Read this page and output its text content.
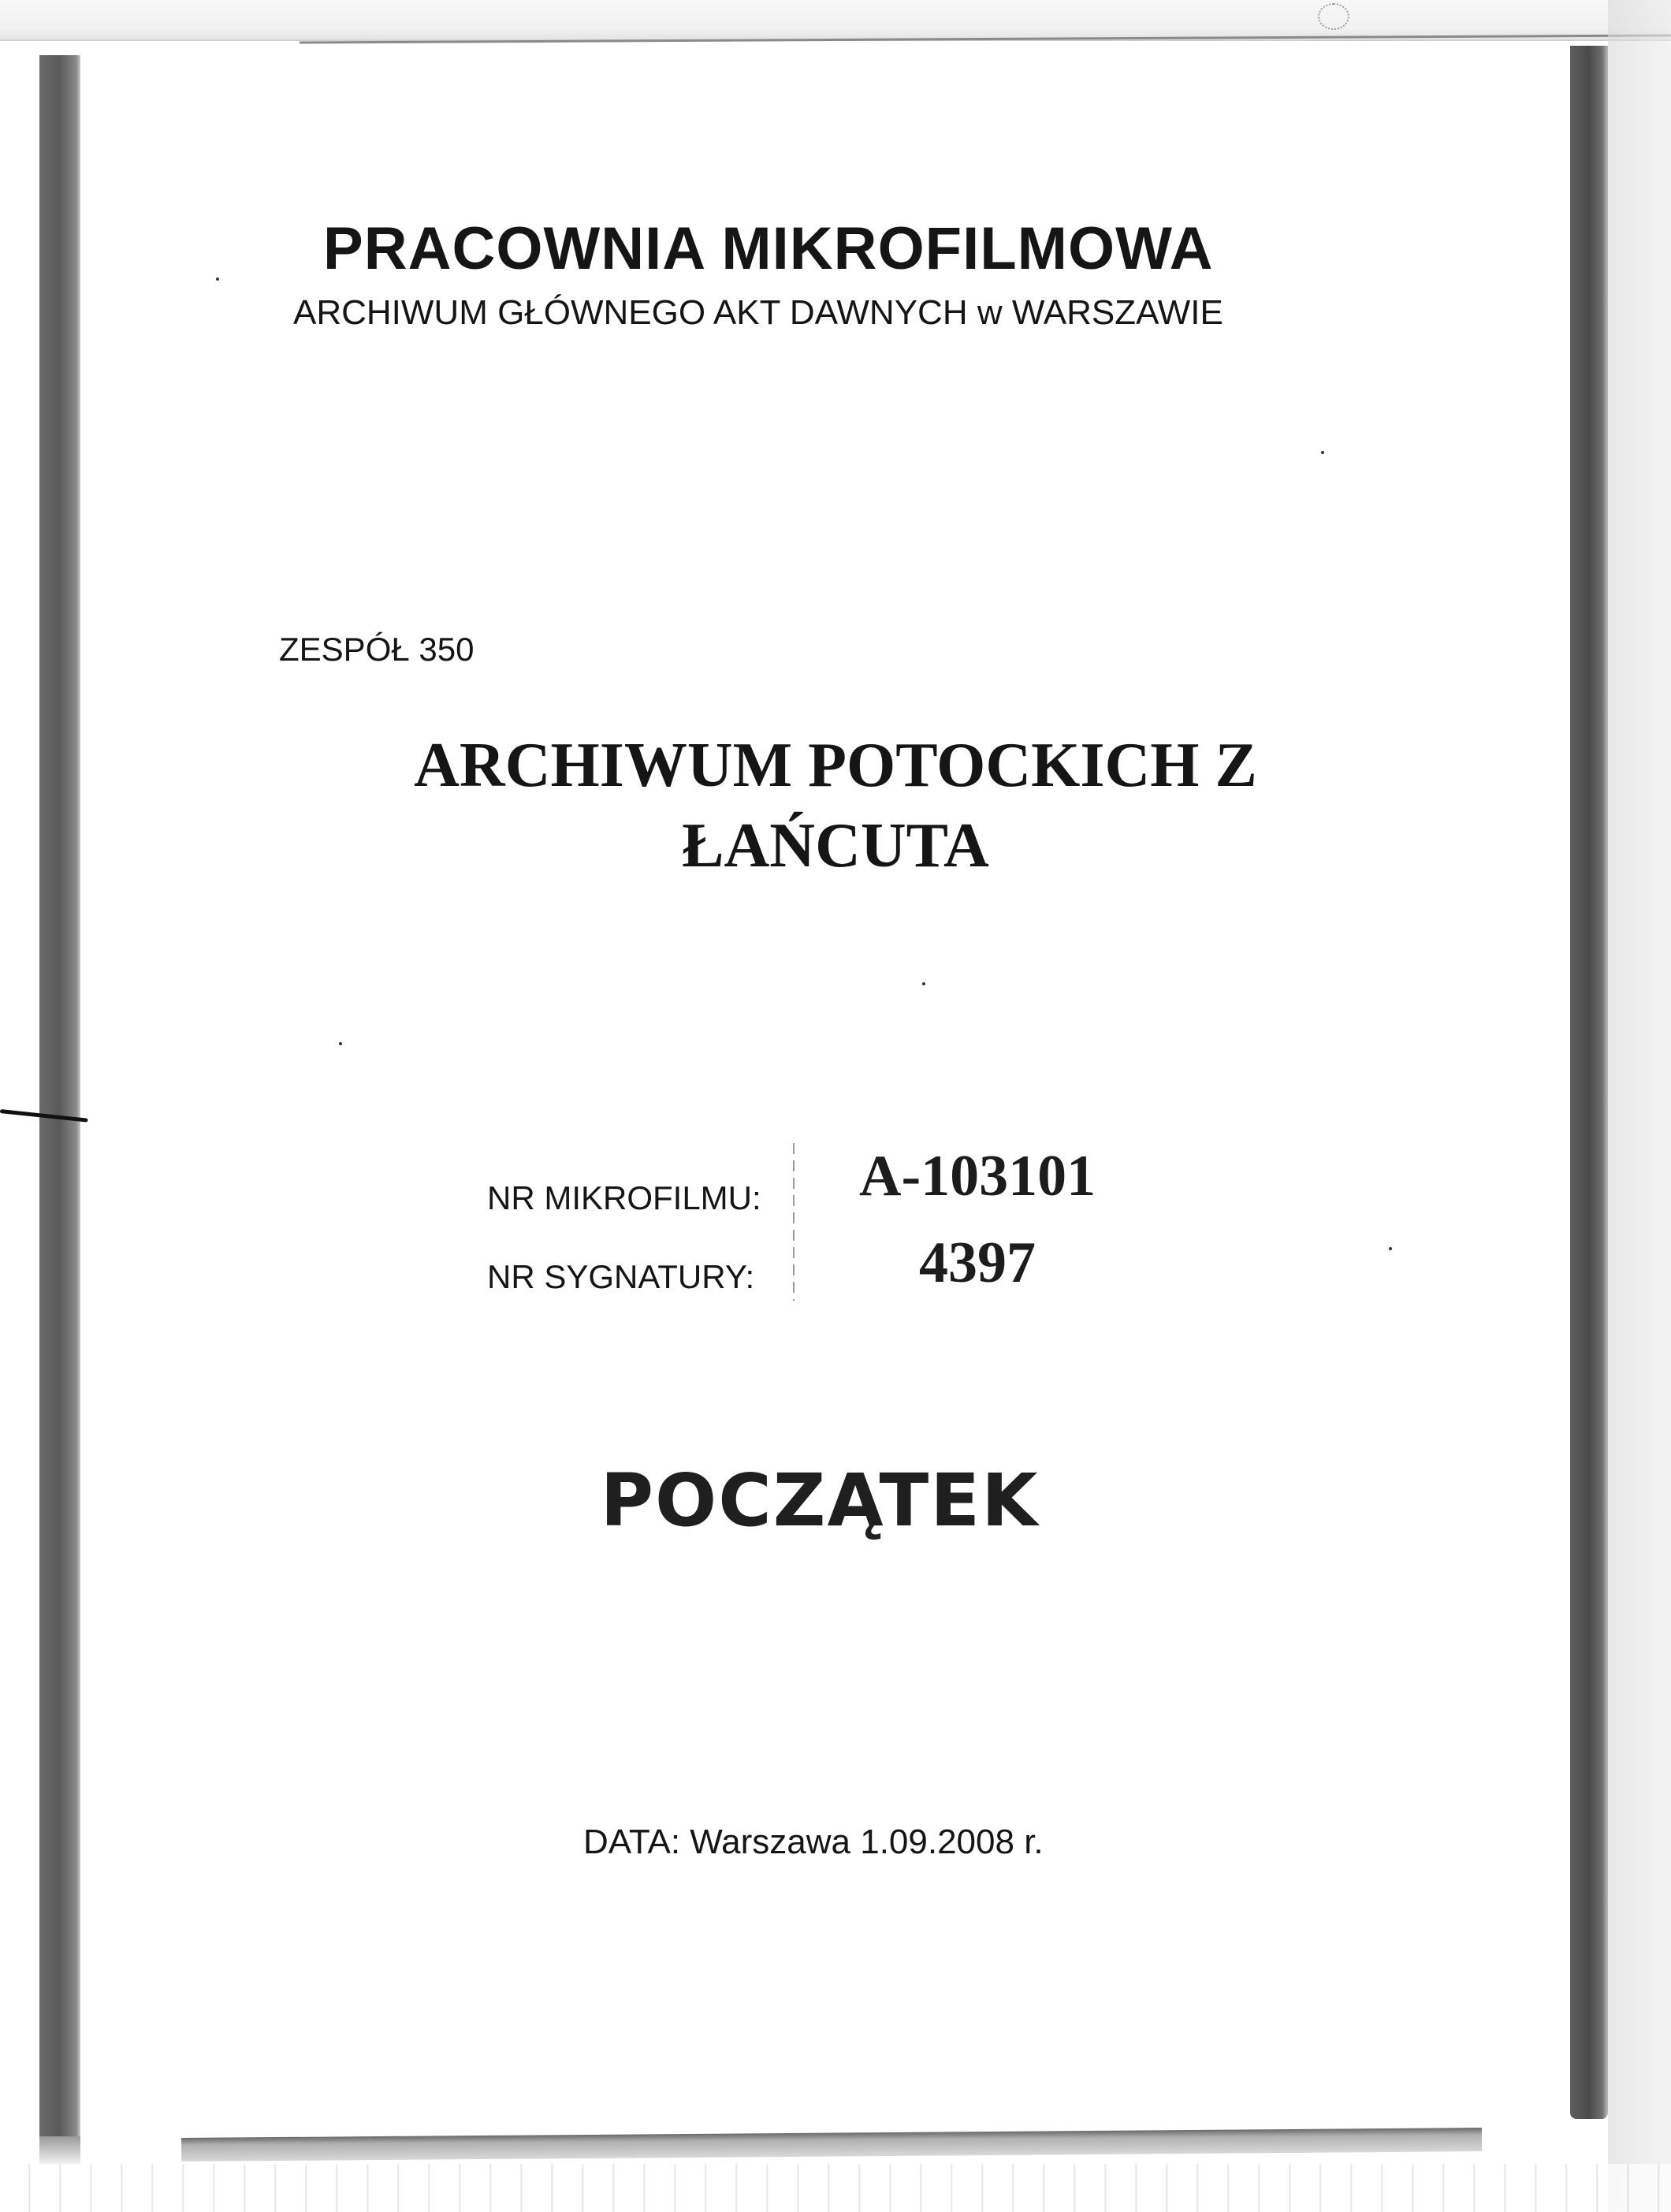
PRACOWNIA MIKROFILMOWA
ARCHIWUM GŁÓWNEGO AKT DAWNYCH w WARSZAWIE
ZESPÓŁ 350
ARCHIWUM POTOCKICH Z
ŁAŃCUTA
NR MIKROFILMU:
NR SYGNATURY:
A-103101
4397
POCZĄTEK
DATA: Warszawa 1.09.2008 r.
